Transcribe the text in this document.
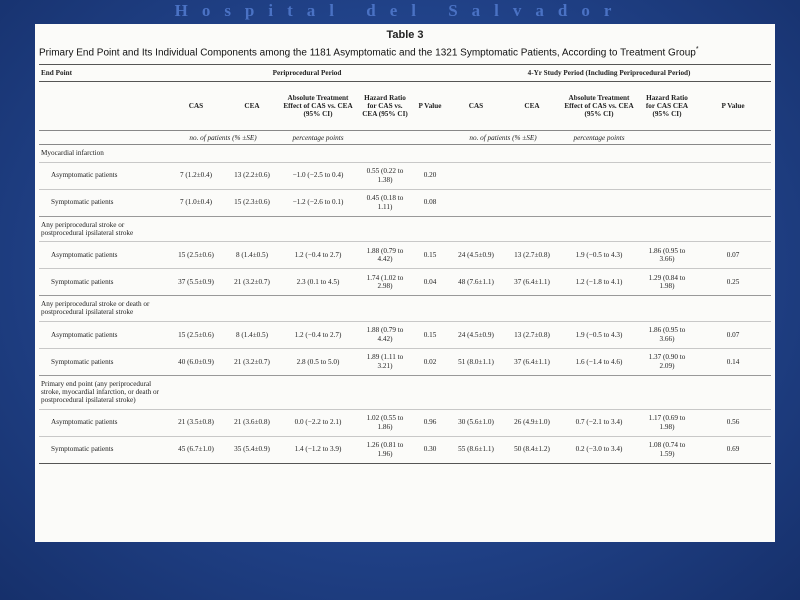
Hospital del Salvador
Table 3
Primary End Point and Its Individual Components among the 1181 Asymptomatic and the 1321 Symptomatic Patients, According to Treatment Group*
End Point	Periprocedural Period					4-Yr Study Period (Including Periprocedural Period)				
	CAS	CEA	Absolute Treatment Effect of CAS vs. CEA (95% CI)	Hazard Ratio for CAS vs. CEA (95% CI)	P Value	CAS	CEA	Absolute Treatment Effect of CAS vs. CEA (95% CI)	Hazard Ratio for CAS CEA (95% CI)	P Value
	no. of patients (% ±SE)		percentage points			no. of patients (% ±SE)		percentage points		
Myocardial infarction										
Asymptomatic patients	7 (1.2±0.4)	13 (2.2±0.6)	−1.0 (−2.5 to 0.4)	0.55 (0.22 to 1.38)	0.20					
Symptomatic patients	7 (1.0±0.4)	15 (2.3±0.6)	−1.2 (−2.6 to 0.1)	0.45 (0.18 to 1.11)	0.08					
Any periprocedural stroke or postprocedural ipsilateral stroke										
Asymptomatic patients	15 (2.5±0.6)	8 (1.4±0.5)	1.2 (−0.4 to 2.7)	1.88 (0.79 to 4.42)	0.15	24 (4.5±0.9)	13 (2.7±0.8)	1.9 (−0.5 to 4.3)	1.86 (0.95 to 3.66)	0.07
Symptomatic patients	37 (5.5±0.9)	21 (3.2±0.7)	2.3 (0.1 to 4.5)	1.74 (1.02 to 2.98)	0.04	48 (7.6±1.1)	37 (6.4±1.1)	1.2 (−1.8 to 4.1)	1.29 (0.84 to 1.98)	0.25
Any periprocedural stroke or death or postprocedural ipsilateral stroke										
Asymptomatic patients	15 (2.5±0.6)	8 (1.4±0.5)	1.2 (−0.4 to 2.7)	1.88 (0.79 to 4.42)	0.15	24 (4.5±0.9)	13 (2.7±0.8)	1.9 (−0.5 to 4.3)	1.86 (0.95 to 3.66)	0.07
Symptomatic patients	40 (6.0±0.9)	21 (3.2±0.7)	2.8 (0.5 to 5.0)	1.89 (1.11 to 3.21)	0.02	51 (8.0±1.1)	37 (6.4±1.1)	1.6 (−1.4 to 4.6)	1.37 (0.90 to 2.09)	0.14
Primary end point (any periprocedural stroke, myocardial infarction, or death or postprocedural ipsilateral stroke)										
Asymptomatic patients	21 (3.5±0.8)	21 (3.6±0.8)	0.0 (−2.2 to 2.1)	1.02 (0.55 to 1.86)	0.96	30 (5.6±1.0)	26 (4.9±1.0)	0.7 (−2.1 to 3.4)	1.17 (0.69 to 1.98)	0.56
Symptomatic patients	45 (6.7±1.0)	35 (5.4±0.9)	1.4 (−1.2 to 3.9)	1.26 (0.81 to 1.96)	0.30	55 (8.6±1.1)	50 (8.4±1.2)	0.2 (−3.0 to 3.4)	1.08 (0.74 to 1.59)	0.69
